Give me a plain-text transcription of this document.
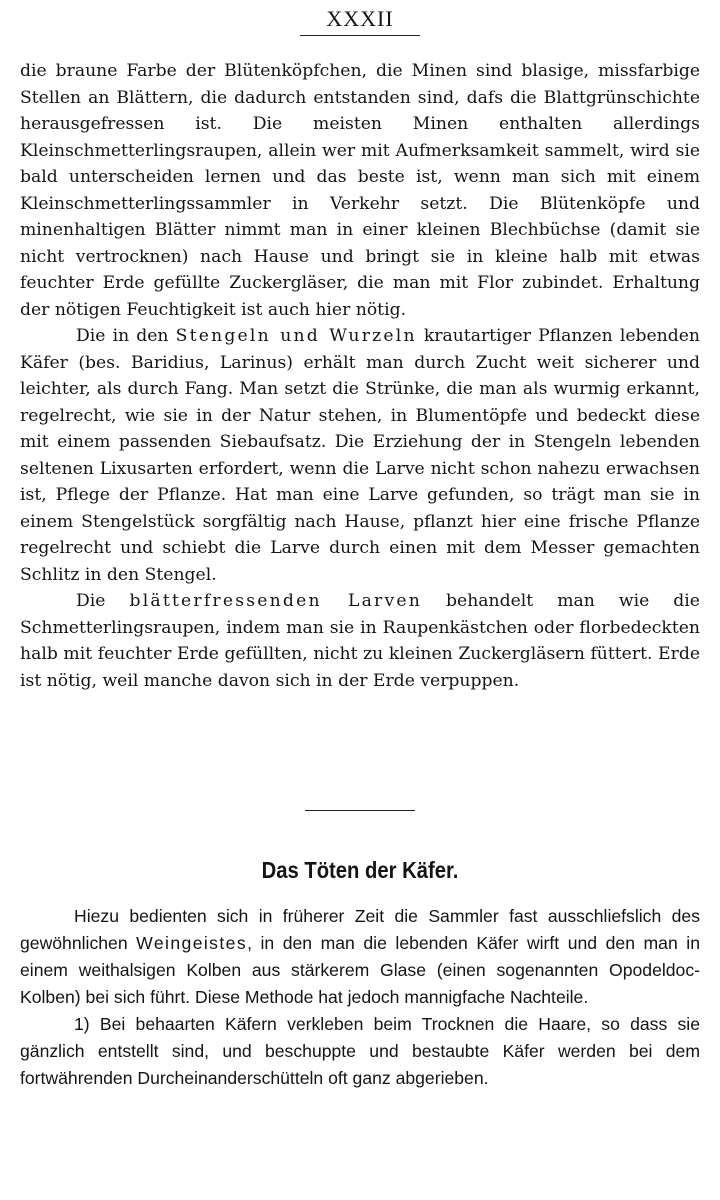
XXXII

die braune Farbe der Blütenköpfchen, die Minen sind blasige, missfarbige Stellen an Blättern, die dadurch entstanden sind, dafs die Blattgrünschichte herausgefressen ist. Die meisten Minen enthalten allerdings Kleinschmetterlingsraupen, allein wer mit Aufmerksamkeit sammelt, wird sie bald unterscheiden lernen und das beste ist, wenn man sich mit einem Kleinschmetterlingssammler in Verkehr setzt. Die Blütenköpfe und minenhaltigen Blätter nimmt man in einer kleinen Blechbüchse (damit sie nicht vertrocknen) nach Hause und bringt sie in kleine halb mit etwas feuchter Erde gefüllte Zuckergläser, die man mit Flor zubindet. Erhaltung der nötigen Feuchtigkeit ist auch hier nötig.

Die in den Stengeln und Wurzeln krautartiger Pflanzen lebenden Käfer (bes. Baridius, Larinus) erhält man durch Zucht weit sicherer und leichter, als durch Fang. Man setzt die Strünke, die man als wurmig erkannt, regelrecht, wie sie in der Natur stehen, in Blumentöpfe und bedeckt diese mit einem passenden Siebaufsatz. Die Erziehung der in Stengeln lebenden seltenen Lixusarten erfordert, wenn die Larve nicht schon nahezu erwachsen ist, Pflege der Pflanze. Hat man eine Larve gefunden, so trägt man sie in einem Stengelstück sorgfältig nach Hause, pflanzt hier eine frische Pflanze regelrecht und schiebt die Larve durch einen mit dem Messer gemachten Schlitz in den Stengel.

Die blätterfressenden Larven behandelt man wie die Schmetterlingsraupen, indem man sie in Raupenkästchen oder florbedeckten halb mit feuchter Erde gefüllten, nicht zu kleinen Zuckergläsern füttert. Erde ist nötig, weil manche davon sich in der Erde verpuppen.

Das Töten der Käfer.

Hiezu bedienten sich in früherer Zeit die Sammler fast ausschliefslich des gewöhnlichen Weingeistes, in den man die lebenden Käfer wirft und den man in einem weithalsigen Kolben aus stärkerem Glase (einen sogenannten Opodeldoc-Kolben) bei sich führt. Diese Methode hat jedoch mannigfache Nachteile.

1) Bei behaarten Käfern verkleben beim Trocknen die Haare, so dass sie gänzlich entstellt sind, und beschuppte und bestaubte Käfer werden bei dem fortwährenden Durcheinanderschütteln oft ganz abgerieben.
